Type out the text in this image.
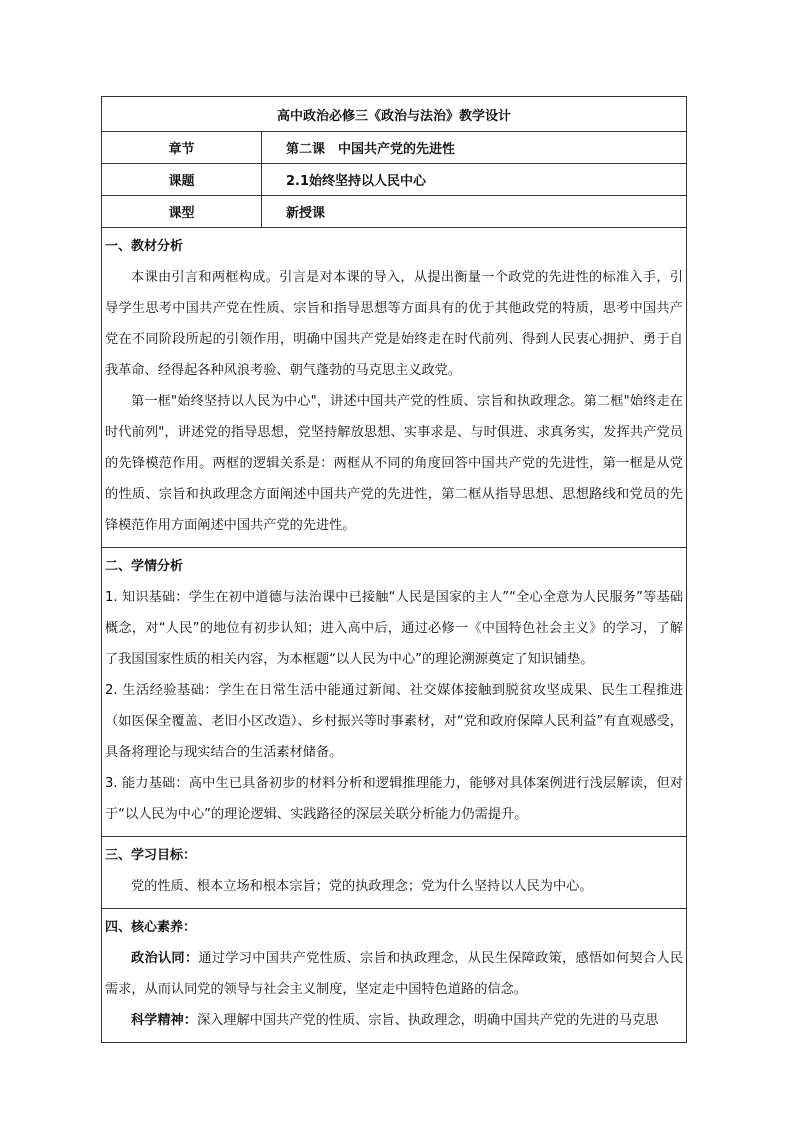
高中政治必修三《政治与法治》教学设计
章节	第二课　中国共产党的先进性
课题	2.1始终坚持以人民中心
课型	新授课
一、教材分析

本课由引言和两框构成。引言是对本课的导入，从提出衡量一个政党的先进性的标准入手，引导学生思考中国共产党在性质、宗旨和指导思想等方面具有的优于其他政党的特质，思考中国共产党在不同阶段所起的引领作用，明确中国共产党是始终走在时代前列、得到人民衷心拥护、勇于自我革命、经得起各种风浪考验、朝气蓬勃的马克思主义政党。

第一框"始终坚持以人民为中心"，讲述中国共产党的性质、宗旨和执政理念。第二框"始终走在时代前列"，讲述党的指导思想，党坚持解放思想、实事求是、与时俱进、求真务实，发挥共产党员的先锋模范作用。两框的逻辑关系是：两框从不同的角度回答中国共产党的先进性，第一框是从党的性质、宗旨和执政理念方面阐述中国共产党的先进性，第二框从指导思想、思想路线和党员的先锋模范作用方面阐述中国共产党的先进性。

二、学情分析

1. 知识基础：学生在初中道德与法治课中已接触“人民是国家的主人”“全心全意为人民服务”等基础概念，对“人民”的地位有初步认知；进入高中后，通过必修一《中国特色社会主义》的学习，了解了我国国家性质的相关内容，为本框题“以人民为中心”的理论溯源奠定了知识铺垫。

2. 生活经验基础：学生在日常生活中能通过新闻、社交媒体接触到脱贫攻坚成果、民生工程推进（如医保全覆盖、老旧小区改造）、乡村振兴等时事素材，对“党和政府保障人民利益”有直观感受，具备将理论与现实结合的生活素材储备。

3. 能力基础：高中生已具备初步的材料分析和逻辑推理能力，能够对具体案例进行浅层解读，但对于“以人民为中心”的理论逻辑、实践路径的深层关联分析能力仍需提升。

三、学习目标：

党的性质、根本立场和根本宗旨；党的执政理念；党为什么坚持以人民为中心。

四、核心素养：

政治认同：通过学习中国共产党性质、宗旨和执政理念，从民生保障政策，感悟如何契合人民需求，从而认同党的领导与社会主义制度，坚定走中国特色道路的信念。

科学精神：深入理解中国共产党的性质、宗旨、执政理念，明确中国共产党的先进的马克思
